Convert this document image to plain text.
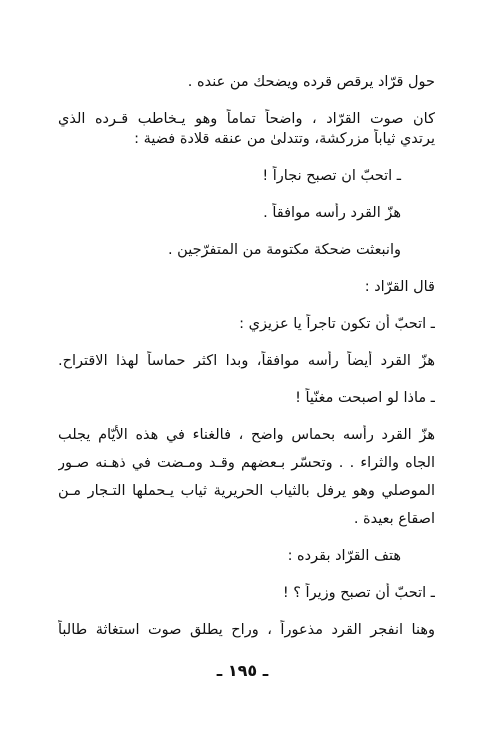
حول قرّاد يرقص قرده ويضحك من عنده .
كان صوت القرّاد ، واضحاً تماماً وهو يـخاطب قـرده الذي
يرتدي ثياباً مزركشة، وتتدلىٰ من عنقه قلادة فضية :
ـ اتحبّ ان تصبح نجاراً !
هزّ القرد رأسه موافقاً .
وانبعثت ضحكة مكتومة من المتفرّجين .
قال القرّاد :
ـ اتحبّ أن تكون تاجراً يا عزيزي :
هزّ القرد أيضاً رأسه موافقاً، وبدا اكثر حماساً لهذا الاقتراح.
ـ ماذا لو اصبحت مغنّياً !
هزّ القرد رأسه بحماس واضح ، فالغناء في هذه الأيّام يجلب
الجاه والثراء . . وتحسّر بـعضهم وقـد ومـضت في ذهـنه صـور
الموصلي وهو يرفل بالثياب الحريرية ثياب يـحملها التـجار مـن
اصقاع بعيدة .
هتف القرّاد بقرده :
ـ اتحبّ أن تصبح وزيراً ؟ !
وهنا انفجر القرد مذعوراً ، وراح يطلق صوت استغاثة طالباً
ـ ١٩٥ ـ
